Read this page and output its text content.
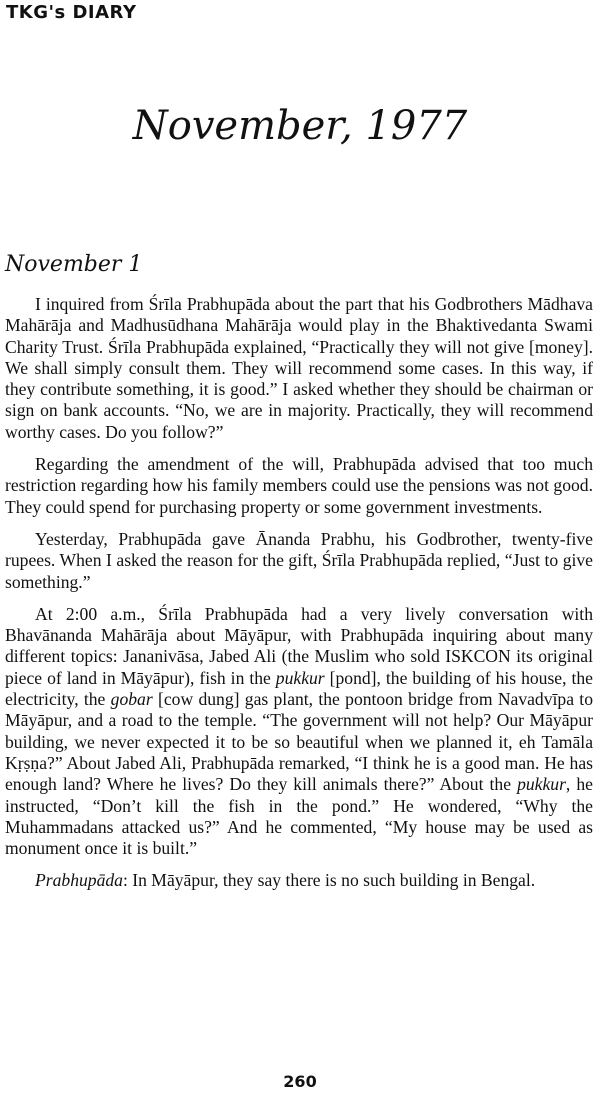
TKG's DIARY
November, 1977
November 1

I inquired from Śrīla Prabhupāda about the part that his Godbrothers Mādhava Mahārāja and Madhusūdhana Mahārāja would play in the Bhaktivedanta Swami Charity Trust. Śrīla Prabhupāda explained, “Practically they will not give [money]. We shall simply consult them. They will recommend some cases. In this way, if they contribute something, it is good.” I asked whether they should be chairman or sign on bank accounts. “No, we are in majority. Practically, they will recommend worthy cases. Do you follow?”

Regarding the amendment of the will, Prabhupāda advised that too much restriction regarding how his family members could use the pensions was not good. They could spend for purchasing property or some government investments.

Yesterday, Prabhupāda gave Ānanda Prabhu, his Godbrother, twenty-five rupees. When I asked the reason for the gift, Śrīla Prabhupāda replied, “Just to give something.”

At 2:00 a.m., Śrīla Prabhupāda had a very lively conversation with Bhavānanda Mahārāja about Māyāpur, with Prabhupāda inquiring about many different topics: Jananivāsa, Jabed Ali (the Muslim who sold ISKCON its original piece of land in Māyāpur), fish in the pukkur [pond], the building of his house, the electricity, the gobar [cow dung] gas plant, the pontoon bridge from Navadvīpa to Māyāpur, and a road to the temple. “The government will not help? Our Māyāpur building, we never expected it to be so beautiful when we planned it, eh Tamāla Kṛṣṇa?” About Jabed Ali, Prabhupāda remarked, “I think he is a good man. He has enough land? Where he lives? Do they kill animals there?” About the pukkur, he instructed, “Don’t kill the fish in the pond.” He wondered, “Why the Muhammadans attacked us?” And he commented, “My house may be used as monument once it is built.”

Prabhupāda: In Māyāpur, they say there is no such building in Bengal.

260
